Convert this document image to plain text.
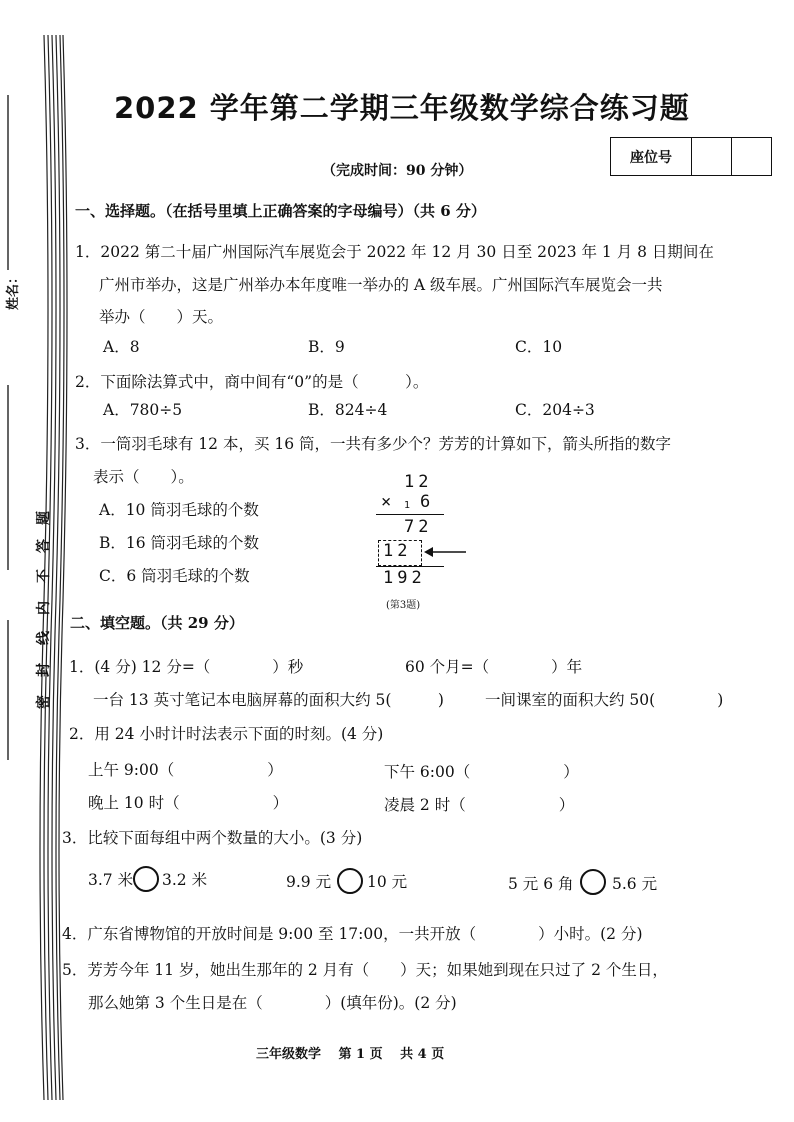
姓名：
题
答
不
内
线
封
密
2022 学年第二学期三年级数学综合练习题
（完成时间：90 分钟）
座位号
一、选择题。（在括号里填上正确答案的字母编号）（共 6 分）
1．2022 第二十届广州国际汽车展览会于 2022 年 12 月 30 日至 2023 年 1 月 8 日期间在
广州市举办，这是广州举办本年度唯一举办的 A 级车展。广州国际汽车展览会一共
举办（　　）天。
A．8	B．9	C．10
2．下面除法算式中，商中间有“0”的是（　　　）。
A．780÷5	B．824÷4	C．204÷3
3．一筒羽毛球有 12 本，买 16 筒，一共有多少个？芳芳的计算如下，箭头所指的数字
表示（　　）。
A．10 筒羽毛球的个数
B．16 筒羽毛球的个数
C．6 筒羽毛球的个数
12
× 1 6
72
12
192
(第3题)
二、填空题。（共 29 分）
1．(4 分) 12 分=（　　　　）秒	60 个月=（　　　　）年
一台 13 英寸笔记本电脑屏幕的面积大约 5(　　　)	一间课室的面积大约 50(　　　　)
2．用 24 小时计时法表示下面的时刻。(4 分)
上午 9:00（　　　　　　）	下午 6:00（　　　　　　）
晚上 10 时（　　　　　　）	凌晨 2 时（　　　　　　）
3．比较下面每组中两个数量的大小。(3 分)
3.7 米 3.2 米	9.9 元 10 元	5 元 6 角 5.6 元
4．广东省博物馆的开放时间是 9:00 至 17:00，一共开放（　　　　）小时。(2 分)
5．芳芳今年 11 岁，她出生那年的 2 月有（　　）天；如果她到现在只过了 2 个生日，
那么她第 3 个生日是在（　　　　）(填年份)。(2 分)
三年级数学　 第 1 页　 共 4 页
